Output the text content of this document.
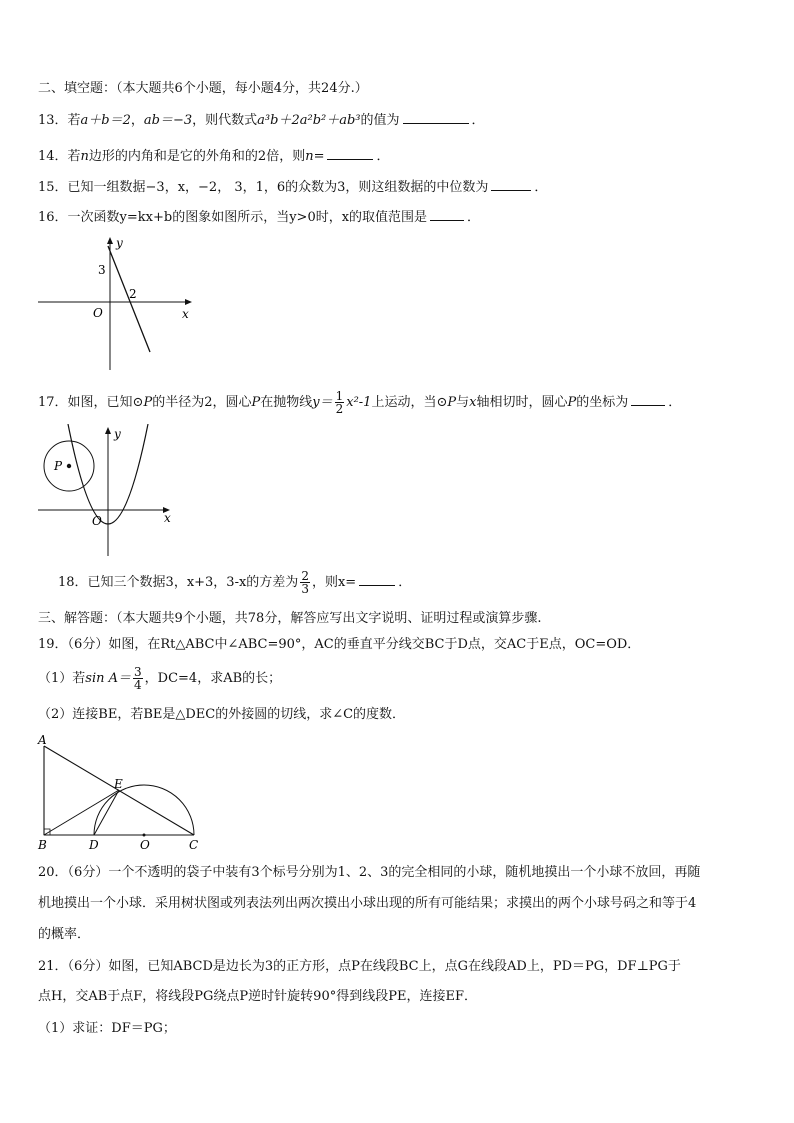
二、填空题：（本大题共6个小题，每小题4分，共24分.）
13．若a＋b＝2，ab＝−3，则代数式a³b＋2a²b²＋ab³的值为	．
14．若n边形的内角和是它的外角和的2倍，则n=	．
15．已知一组数据−3，x，−2， 3，1，6的众数为3，则这组数据的中位数为	．
16．一次函数y=kx+b的图象如图所示，当y>0时，x的取值范围是	．
y
x
O
3
2
17．如图，已知⊙P的半径为2，圆心P在抛物线$y= \frac{1}{2} x^2-1$上运动，当⊙P与x轴相切时，圆心P的坐标为	．
P
y
x
O
18．已知三个数据3，x+3，3-x的方差为 $\frac{2}{3}$ ，则x=	．
三、解答题：（本大题共9个小题，共78分，解答应写出文字说明、证明过程或演算步骤.
19．（6分）如图，在Rt△ABC中∠ABC=90°，AC的垂直平分线交BC于D点，交AC于E点，OC=OD．
（1）若$\sin A= \frac{3}{4}$ ，DC=4，求AB的长；
（2）连接BE，若BE是△DEC的外接圆的切线，求∠C的度数．
A
B	C
D
E
O
20．（6分）一个不透明的袋子中装有3个标号分别为1、2、3的完全相同的小球，随机地摸出一个小球不放回，再随
机地摸出一个小球．采用树状图或列表法列出两次摸出小球出现的所有可能结果；求摸出的两个小球号码之和等于4
的概率．
21．（6分）如图，已知ABCD是边长为3的正方形，点P在线段BC上，点G在线段AD上，PD＝PG，DF⊥PG于
点H，交AB于点F，将线段PG绕点P逆时针旋转90°得到线段PE，连接EF．
（1）求证：DF＝PG；
